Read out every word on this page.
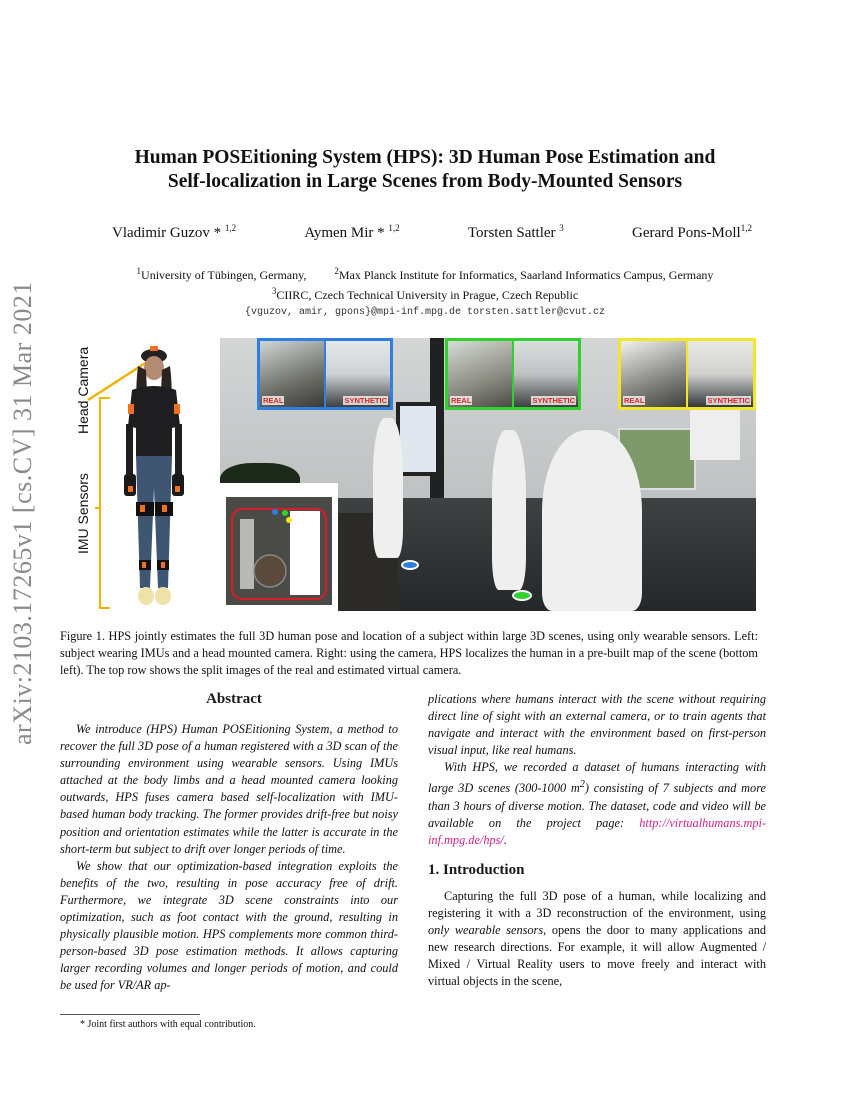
arXiv:2103.17265v1 [cs.CV] 31 Mar 2021
Human POSEitioning System (HPS): 3D Human Pose Estimation and
Self-localization in Large Scenes from Body-Mounted Sensors
Vladimir Guzov * $^{1,2}$	Aymen Mir * $^{1,2}$	Torsten Sattler $^3$	Gerard Pons-Moll$^{1,2}$
$^1$University of Tübingen, Germany,	$^2$Max Planck Institute for Informatics, Saarland Informatics Campus, Germany
$^3$CIIRC, Czech Technical University in Prague, Czech Republic
{vguzov, amir, gpons}@mpi-inf.mpg.de torsten.sattler@cvut.cz
Head Camera
IMU Sensors
REAL	SYNTHETIC	REAL	SYNTHETIC	REAL	SYNTHETIC
Figure 1. HPS jointly estimates the full 3D human pose and location of a subject within large 3D scenes, using only wearable sensors. Left: subject wearing IMUs and a head mounted camera. Right: using the camera, HPS localizes the human in a pre-built map of the scene (bottom left). The top row shows the split images of the real and estimated virtual camera.
Abstract

We introduce (HPS) Human POSEitioning System, a method to recover the full 3D pose of a human registered with a 3D scan of the surrounding environment using wearable sensors. Using IMUs attached at the body limbs and a head mounted camera looking outwards, HPS fuses camera based self-localization with IMU-based human body tracking. The former provides drift-free but noisy position and orientation estimates while the latter is accurate in the short-term but subject to drift over longer periods of time.

We show that our optimization-based integration exploits the benefits of the two, resulting in pose accuracy free of drift. Furthermore, we integrate 3D scene constraints into our optimization, such as foot contact with the ground, resulting in physically plausible motion. HPS complements more common third-person-based 3D pose estimation methods. It allows capturing larger recording volumes and longer periods of motion, and could be used for VR/AR ap-

* Joint first authors with equal contribution.

plications where humans interact with the scene without requiring direct line of sight with an external camera, or to train agents that navigate and interact with the environment based on first-person visual input, like real humans.

With HPS, we recorded a dataset of humans interacting with large 3D scenes (300-1000 $m^2$) consisting of 7 subjects and more than 3 hours of diverse motion. The dataset, code and video will be available on the project page: http://virtualhumans.mpi-inf.mpg.de/hps/.

1. Introduction

Capturing the full 3D pose of a human, while localizing and registering it with a 3D reconstruction of the environment, using only wearable sensors, opens the door to many applications and new research directions. For example, it will allow Augmented / Mixed / Virtual Reality users to move freely and interact with virtual objects in the scene,
